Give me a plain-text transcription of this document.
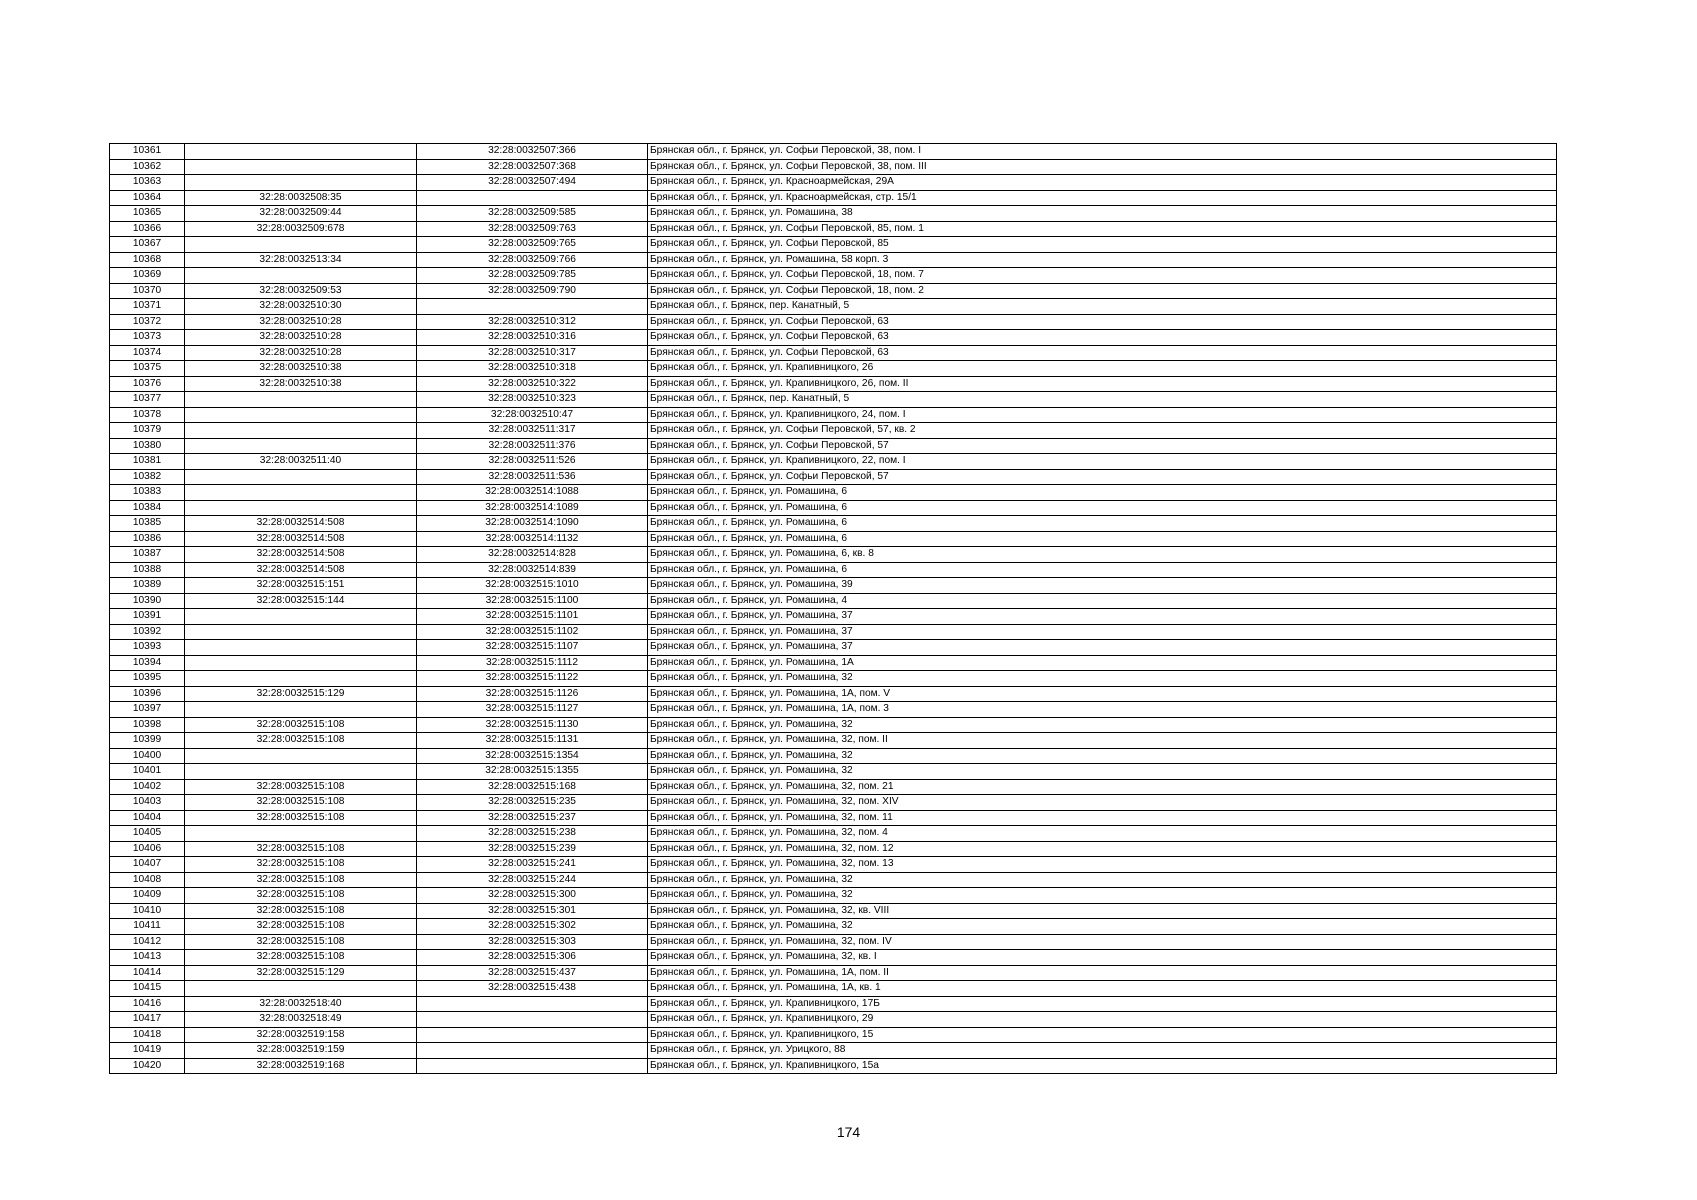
10361		32:28:0032507:366	Брянская обл., г. Брянск, ул. Софьи Перовской, 38, пом. I
10362		32:28:0032507:368	Брянская обл., г. Брянск, ул. Софьи Перовской, 38, пом. III
10363		32:28:0032507:494	Брянская обл., г. Брянск, ул. Красноармейская, 29А
10364	32:28:0032508:35		Брянская обл., г. Брянск, ул. Красноармейская, стр. 15/1
10365	32:28:0032509:44	32:28:0032509:585	Брянская обл., г. Брянск, ул. Ромашина, 38
10366	32:28:0032509:678	32:28:0032509:763	Брянская обл., г. Брянск, ул. Софьи Перовской, 85, пом. 1
10367		32:28:0032509:765	Брянская обл., г. Брянск, ул. Софьи Перовской, 85
10368	32:28:0032513:34	32:28:0032509:766	Брянская обл., г. Брянск, ул. Ромашина, 58 корп. 3
10369		32:28:0032509:785	Брянская обл., г. Брянск, ул. Софьи Перовской, 18, пом. 7
10370	32:28:0032509:53	32:28:0032509:790	Брянская обл., г. Брянск, ул. Софьи Перовской, 18, пом. 2
10371	32:28:0032510:30		Брянская обл., г. Брянск, пер. Канатный, 5
10372	32:28:0032510:28	32:28:0032510:312	Брянская обл., г. Брянск, ул. Софьи Перовской, 63
10373	32:28:0032510:28	32:28:0032510:316	Брянская обл., г. Брянск, ул. Софьи Перовской, 63
10374	32:28:0032510:28	32:28:0032510:317	Брянская обл., г. Брянск, ул. Софьи Перовской, 63
10375	32:28:0032510:38	32:28:0032510:318	Брянская обл., г. Брянск, ул. Крапивницкого, 26
10376	32:28:0032510:38	32:28:0032510:322	Брянская обл., г. Брянск, ул. Крапивницкого, 26, пом. II
10377		32:28:0032510:323	Брянская обл., г. Брянск, пер. Канатный, 5
10378		32:28:0032510:47	Брянская обл., г. Брянск, ул. Крапивницкого, 24, пом. I
10379		32:28:0032511:317	Брянская обл., г. Брянск, ул. Софьи Перовской, 57, кв. 2
10380		32:28:0032511:376	Брянская обл., г. Брянск, ул. Софьи Перовской, 57
10381	32:28:0032511:40	32:28:0032511:526	Брянская обл., г. Брянск, ул. Крапивницкого, 22, пом. I
10382		32:28:0032511:536	Брянская обл., г. Брянск, ул. Софьи Перовской, 57
10383		32:28:0032514:1088	Брянская обл., г. Брянск, ул. Ромашина, 6
10384		32:28:0032514:1089	Брянская обл., г. Брянск, ул. Ромашина, 6
10385	32:28:0032514:508	32:28:0032514:1090	Брянская обл., г. Брянск, ул. Ромашина, 6
10386	32:28:0032514:508	32:28:0032514:1132	Брянская обл., г. Брянск, ул. Ромашина, 6
10387	32:28:0032514:508	32:28:0032514:828	Брянская обл., г. Брянск, ул. Ромашина, 6, кв. 8
10388	32:28:0032514:508	32:28:0032514:839	Брянская обл., г. Брянск, ул. Ромашина, 6
10389	32:28:0032515:151	32:28:0032515:1010	Брянская обл., г. Брянск, ул. Ромашина, 39
10390	32:28:0032515:144	32:28:0032515:1100	Брянская обл., г. Брянск, ул. Ромашина, 4
10391		32:28:0032515:1101	Брянская обл., г. Брянск, ул. Ромашина, 37
10392		32:28:0032515:1102	Брянская обл., г. Брянск, ул. Ромашина, 37
10393		32:28:0032515:1107	Брянская обл., г. Брянск, ул. Ромашина, 37
10394		32:28:0032515:1112	Брянская обл., г. Брянск, ул. Ромашина, 1А
10395		32:28:0032515:1122	Брянская обл., г. Брянск, ул. Ромашина, 32
10396	32:28:0032515:129	32:28:0032515:1126	Брянская обл., г. Брянск, ул. Ромашина, 1А, пом. V
10397		32:28:0032515:1127	Брянская обл., г. Брянск, ул. Ромашина, 1А, пом. 3
10398	32:28:0032515:108	32:28:0032515:1130	Брянская обл., г. Брянск, ул. Ромашина, 32
10399	32:28:0032515:108	32:28:0032515:1131	Брянская обл., г. Брянск, ул. Ромашина, 32, пом. II
10400		32:28:0032515:1354	Брянская обл., г. Брянск, ул. Ромашина, 32
10401		32:28:0032515:1355	Брянская обл., г. Брянск, ул. Ромашина, 32
10402	32:28:0032515:108	32:28:0032515:168	Брянская обл., г. Брянск, ул. Ромашина, 32, пом. 21
10403	32:28:0032515:108	32:28:0032515:235	Брянская обл., г. Брянск, ул. Ромашина, 32, пом. XIV
10404	32:28:0032515:108	32:28:0032515:237	Брянская обл., г. Брянск, ул. Ромашина, 32, пом. 11
10405		32:28:0032515:238	Брянская обл., г. Брянск, ул. Ромашина, 32, пом. 4
10406	32:28:0032515:108	32:28:0032515:239	Брянская обл., г. Брянск, ул. Ромашина, 32, пом. 12
10407	32:28:0032515:108	32:28:0032515:241	Брянская обл., г. Брянск, ул. Ромашина, 32, пом. 13
10408	32:28:0032515:108	32:28:0032515:244	Брянская обл., г. Брянск, ул. Ромашина, 32
10409	32:28:0032515:108	32:28:0032515:300	Брянская обл., г. Брянск, ул. Ромашина, 32
10410	32:28:0032515:108	32:28:0032515:301	Брянская обл., г. Брянск, ул. Ромашина, 32, кв. VIII
10411	32:28:0032515:108	32:28:0032515:302	Брянская обл., г. Брянск, ул. Ромашина, 32
10412	32:28:0032515:108	32:28:0032515:303	Брянская обл., г. Брянск, ул. Ромашина, 32, пом. IV
10413	32:28:0032515:108	32:28:0032515:306	Брянская обл., г. Брянск, ул. Ромашина, 32, кв. I
10414	32:28:0032515:129	32:28:0032515:437	Брянская обл., г. Брянск, ул. Ромашина, 1А, пом. II
10415		32:28:0032515:438	Брянская обл., г. Брянск, ул. Ромашина, 1А, кв. 1
10416	32:28:0032518:40		Брянская обл., г. Брянск, ул. Крапивницкого, 17Б
10417	32:28:0032518:49		Брянская обл., г. Брянск, ул. Крапивницкого, 29
10418	32:28:0032519:158		Брянская обл., г. Брянск, ул. Крапивницкого, 15
10419	32:28:0032519:159		Брянская обл., г. Брянск, ул. Урицкого, 88
10420	32:28:0032519:168		Брянская обл., г. Брянск, ул. Крапивницкого, 15а
174
